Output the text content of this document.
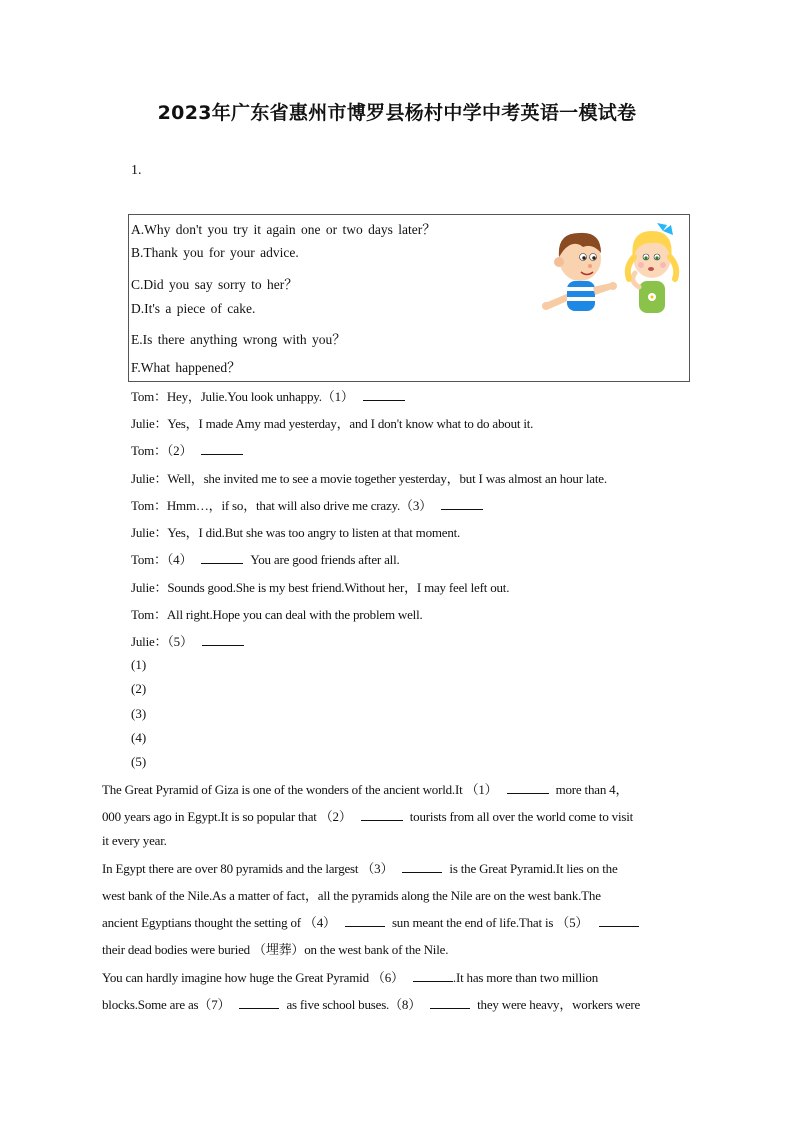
2023年广东省惠州市博罗县杨村中学中考英语一模试卷
1.
A.Why don't you try it again one or two days later？
B.Thank you for your advice.
C.Did you say sorry to her？
D.It's a piece of cake.
E.Is there anything wrong with you？
F.What happened？
Tom：Hey，Julie.You look unhappy.（1）
Julie：Yes，I made Amy mad yesterday，and I don't know what to do about it.
Tom：（2）
Julie：Well，she invited me to see a movie together yesterday，but I was almost an hour late.
Tom：Hmm…，if so，that will also drive me crazy.（3）
Julie：Yes，I did.But she was too angry to listen at that moment.
Tom：（4）	You are good friends after all.
Julie：Sounds good.She is my best friend.Without her，I may feel left out.
Tom：All right.Hope you can deal with the problem well.
Julie：（5）
(1)
(2)
(3)
(4)
(5)
The Great Pyramid of Giza is one of the wonders of the ancient world.It （1）	more than 4，
000 years ago in Egypt.It is so popular that （2）	tourists from all over the world come to visit
it every year.
In Egypt there are over 80 pyramids and the largest （3）	is the Great Pyramid.It lies on the
west bank of the Nile.As a matter of fact，all the pyramids along the Nile are on the west bank.The
ancient Egyptians thought the setting of （4）	sun meant the end of life.That is （5）
their dead bodies were buried （埋葬）on the west bank of the Nile.
You can hardly imagine how huge the Great Pyramid （6）	.It has more than two million
blocks.Some are as（7）	as five school buses.（8）	they were heavy，workers were
